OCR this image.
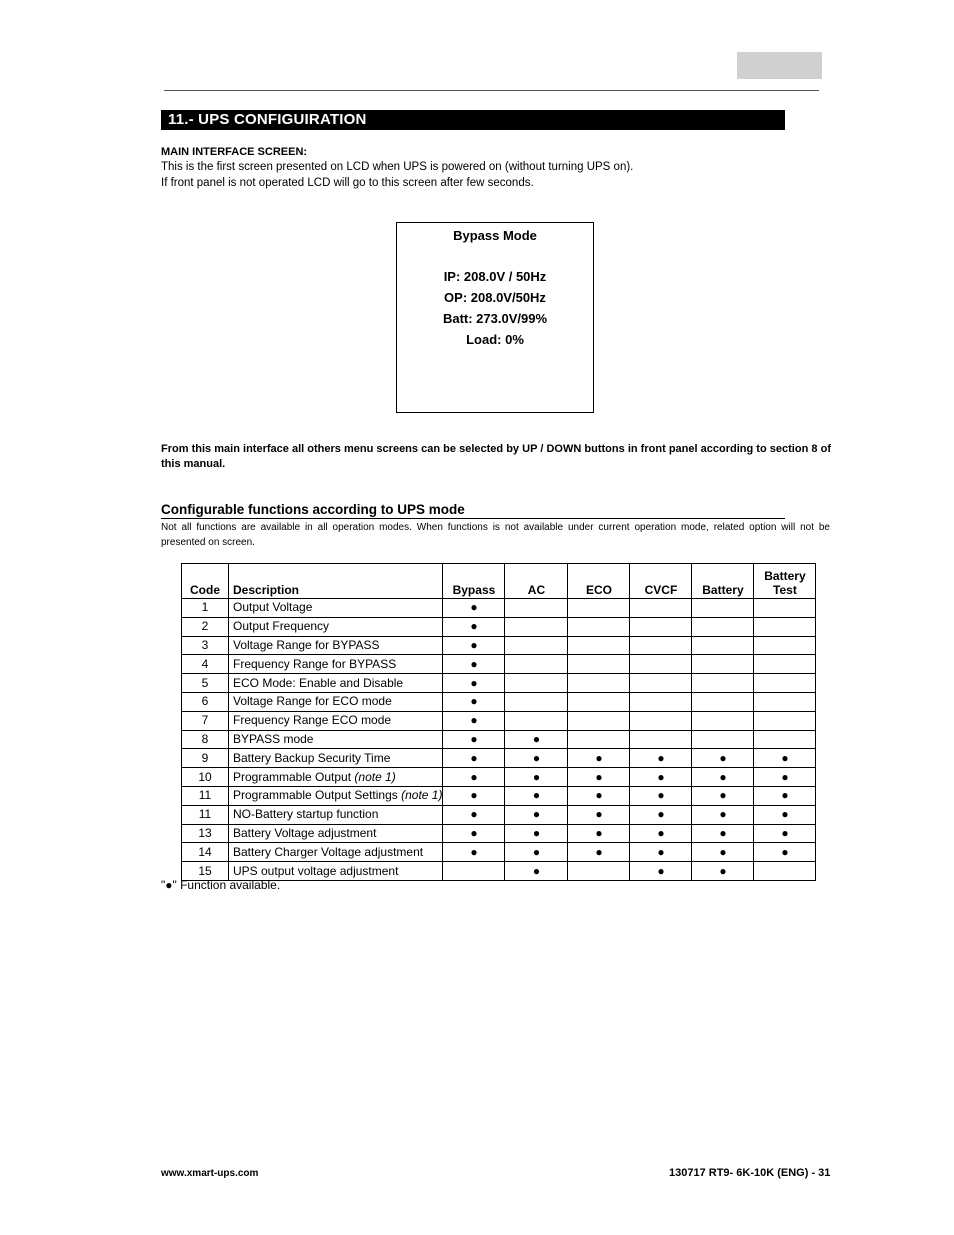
11.- UPS CONFIGUIRATION
MAIN INTERFACE SCREEN:
This is the first screen presented on LCD when UPS is powered on (without turning UPS on).
If front panel is not operated LCD will go to this screen after few seconds.
Bypass Mode
IP: 208.0V / 50Hz
OP: 208.0V/50Hz
Batt: 273.0V/99%
Load: 0%
From this main interface all others menu screens can be selected by UP / DOWN buttons in front panel according to section 8 of this manual.
Configurable functions according to UPS mode
Not all functions are available in all operation modes. When functions is not available under current operation mode, related option will not be presented on screen.
Code	Description	Bypass	AC	ECO	CVCF	Battery	Battery
Test
1	Output Voltage	●					
2	Output Frequency	●					
3	Voltage Range for BYPASS	●					
4	Frequency Range for BYPASS	●					
5	ECO Mode: Enable and Disable	●					
6	Voltage Range for ECO mode	●					
7	Frequency Range ECO mode	●					
8	BYPASS mode	●	●				
9	Battery Backup Security Time	●	●	●	●	●	●
10	Programmable Output (note 1)	●	●	●	●	●	●
11	Programmable Output Settings (note 1)	●	●	●	●	●	●
11	NO-Battery startup function	●	●	●	●	●	●
13	Battery Voltage adjustment	●	●	●	●	●	●
14	Battery Charger Voltage adjustment	●	●	●	●	●	●
15	UPS output voltage adjustment		●		●	●	
"●" Function available.
www.xmart-ups.com	130717 RT9- 6K-10K (ENG) - 31
